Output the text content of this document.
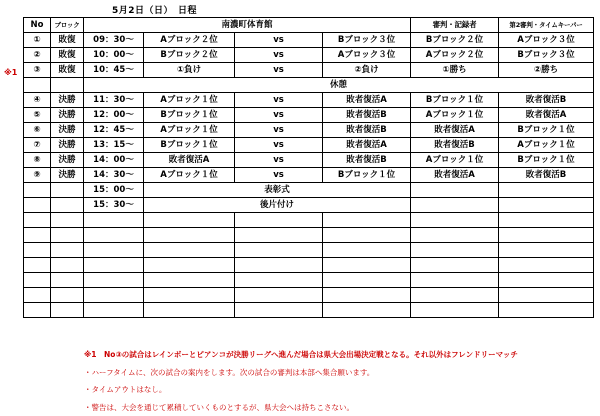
5月2日（日）　日程
※1
No	ブロック	南濃町体育館				審判・記録者	第2審判・タイムキーパー
①	敗復	09：30～	Aブロック２位	vs	Bブロック３位	Bブロック２位	Aブロック３位
②	敗復	10：00～	Bブロック２位	vs	Aブロック３位	Aブロック２位	Bブロック３位
③	敗復	10：45～	①負け	vs	②負け	①勝ち	②勝ち
		休憩					
④	決勝	11：30～	Aブロック１位	vs	敗者復活A	Bブロック１位	敗者復活B
⑤	決勝	12：00～	Bブロック１位	vs	敗者復活B	Aブロック１位	敗者復活A
⑥	決勝	12：45～	Aブロック１位	vs	敗者復活B	敗者復活A	Bブロック１位
⑦	決勝	13：15～	Bブロック１位	vs	敗者復活A	敗者復活B	Aブロック１位
⑧	決勝	14：00～	敗者復活A	vs	敗者復活B	Aブロック１位	Bブロック１位
⑨	決勝	14：30～	Aブロック１位	vs	Bブロック１位	敗者復活A	敗者復活B
		15：00～	表彰式				
		15：30～	後片付け				

※1　No③の試合はレインボーとピアンコが決勝リーグへ進んだ場合は県大会出場決定戦となる。それ以外はフレンドリーマッチ
・ハーフタイムに、次の試合の案内をします。次の試合の審判は本部へ集合願います。
・タイムアウトはなし。
・警告は、大会を通じて累積していくものとするが、県大会へは持ちこさない。
